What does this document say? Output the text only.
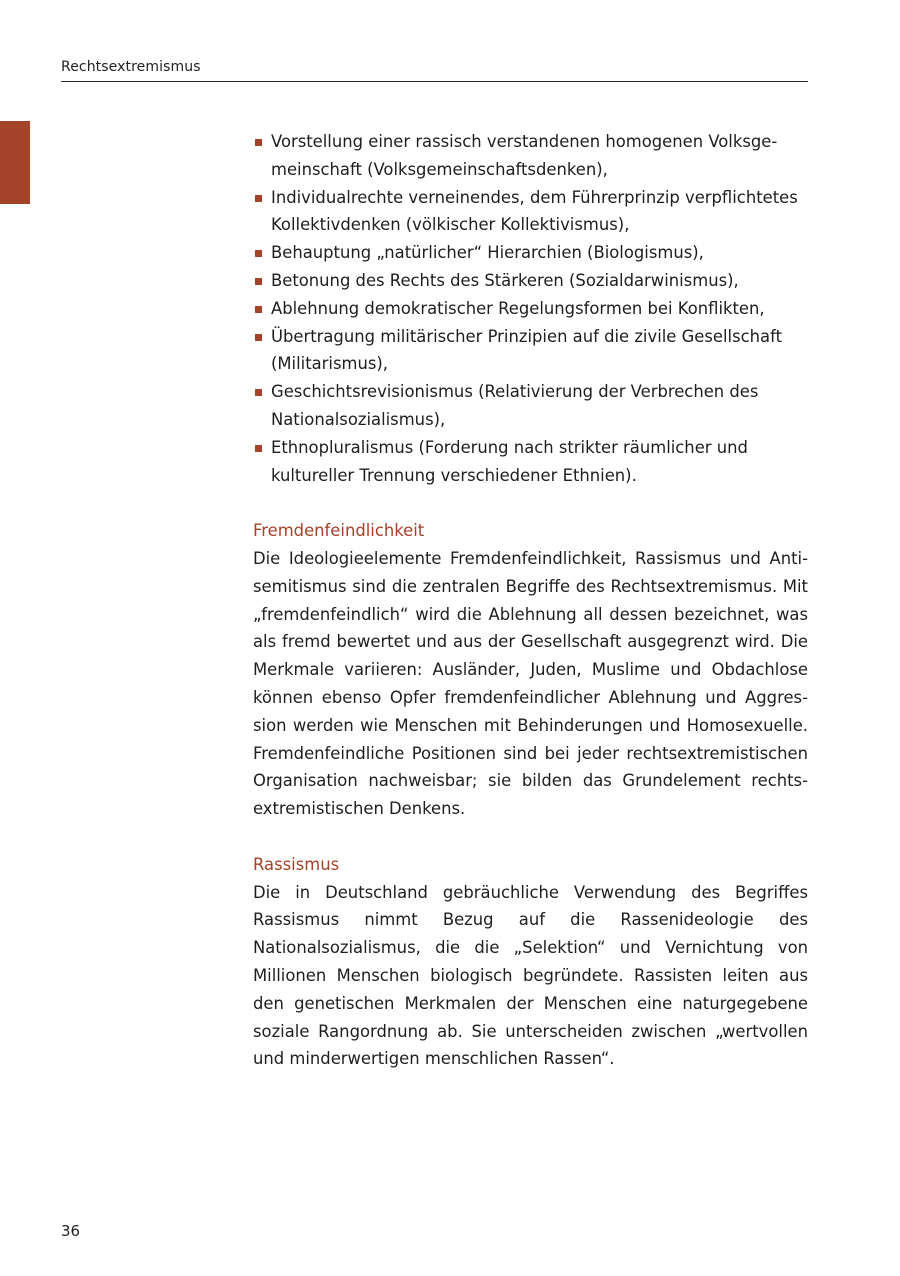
Rechtsextremismus
Vorstellung einer rassisch verstandenen homogenen Volksgemeinschaft (Volksgemeinschaftsdenken),
Individualrechte verneinendes, dem Führerprinzip verpflichtetes Kollektivdenken (völkischer Kollektivismus),
Behauptung „natürlicher“ Hierarchien (Biologismus),
Betonung des Rechts des Stärkeren (Sozialdarwinismus),
Ablehnung demokratischer Regelungsformen bei Konflikten,
Übertragung militärischer Prinzipien auf die zivile Gesellschaft (Militarismus),
Geschichtsrevisionismus (Relativierung der Verbrechen des Nationalsozialismus),
Ethnopluralismus (Forderung nach strikter räumlicher und kultureller Trennung verschiedener Ethnien).
Fremdenfeindlichkeit

Die Ideologieelemente Fremdenfeindlichkeit, Rassismus und Antisemitismus sind die zentralen Begriffe des Rechtsextremismus. Mit „fremdenfeindlich“ wird die Ablehnung all dessen bezeichnet, was als fremd bewertet und aus der Gesellschaft ausgegrenzt wird. Die Merkmale variieren: Ausländer, Juden, Muslime und Obdachlose können ebenso Opfer fremdenfeindlicher Ablehnung und Aggression werden wie Menschen mit Behinderungen und Homosexuelle. Fremdenfeindliche Positionen sind bei jeder rechtsextremistischen Organisation nachweisbar; sie bilden das Grundelement rechtsextremistischen Denkens.

Rassismus

Die in Deutschland gebräuchliche Verwendung des Begriffes Rassismus nimmt Bezug auf die Rassenideologie des Nationalsozialismus, die die „Selektion“ und Vernichtung von Millionen Menschen biologisch begründete. Rassisten leiten aus den genetischen Merkmalen der Menschen eine naturgegebene soziale Rangordnung ab. Sie unterscheiden zwischen „wertvollen und minderwertigen menschlichen Rassen“.

36
